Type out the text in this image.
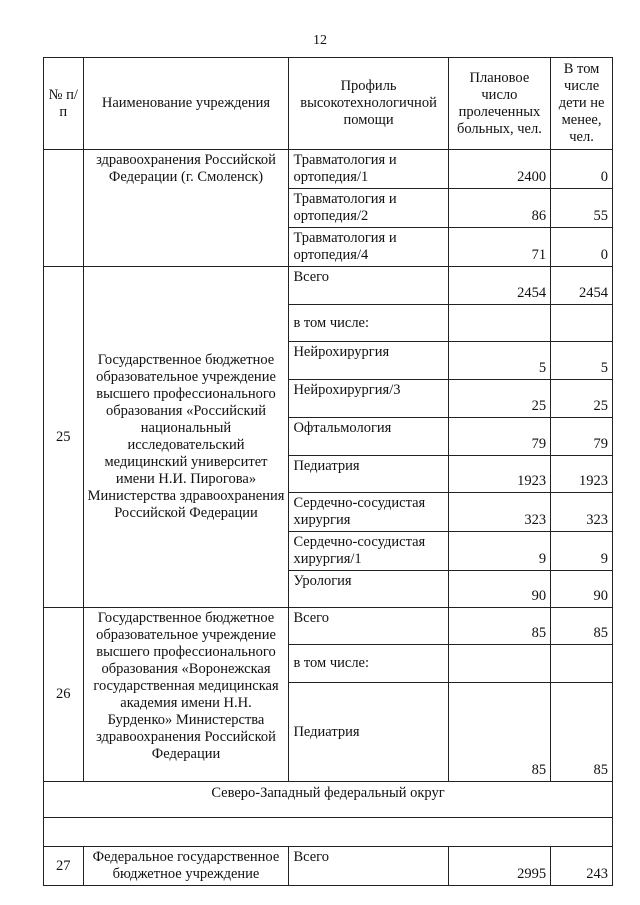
12
№ п/п	Наименование учреждения	Профиль высокотехнологичной помощи	Плановое число пролеченных больных, чел.	В том числе дети не менее, чел.
	здравоохранения Российской Федерации (г. Смоленск)	Травматология и ортопедия/1	2400	0
		Травматология и ортопедия/2	86	55
		Травматология и ортопедия/4	71	0
25	Государственное бюджетное образовательное учреждение высшего профессионального образования «Российский национальный исследовательский медицинский университет имени Н.И. Пирогова» Министерства здравоохранения Российской Федерации	Всего	2454	2454
		в том числе:		
		Нейрохирургия	5	5
		Нейрохирургия/3	25	25
		Офтальмология	79	79
		Педиатрия	1923	1923
		Сердечно-сосудистая хирургия	323	323
		Сердечно-сосудистая хирургия/1	9	9
		Урология	90	90
26	Государственное бюджетное образовательное учреждение высшего профессионального образования «Воронежская государственная медицинская академия имени Н.Н. Бурденко» Министерства здравоохранения Российской Федерации	Всего	85	85
		в том числе:		
		Педиатрия	85	85
Северо-Западный федеральный округ				

27	Федеральное государственное бюджетное учреждение	Всего	2995	243
